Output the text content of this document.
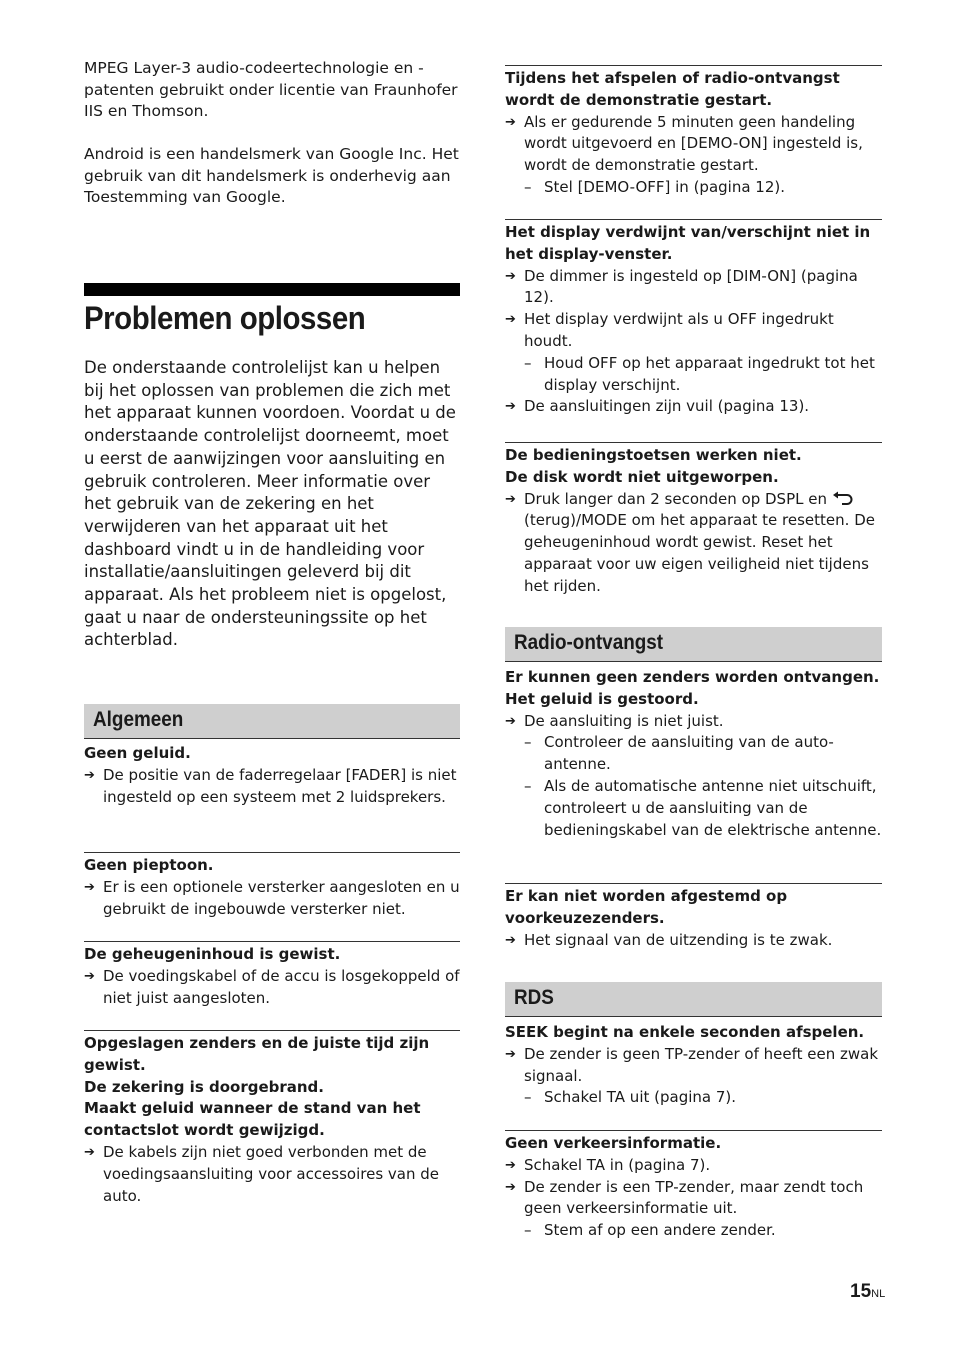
MPEG Layer-3 audio-codeertechnologie en -patenten gebruikt onder licentie van Fraunhofer IIS en Thomson.

Android is een handelsmerk van Google Inc. Het gebruik van dit handelsmerk is onderhevig aan Toestemming van Google.

Problemen oplossen

De onderstaande controlelijst kan u helpen bij het oplossen van problemen die zich met het apparaat kunnen voordoen. Voordat u de onderstaande controlelijst doorneemt, moet u eerst de aanwijzingen voor aansluiting en gebruik controleren. Meer informatie over het gebruik van de zekering en het verwijderen van het apparaat uit het dashboard vindt u in de handleiding voor installatie/aansluitingen geleverd bij dit apparaat. Als het probleem niet is opgelost, gaat u naar de ondersteuningssite op het achterblad.

Algemeen

Geen geluid.

➔ De positie van de faderregelaar [FADER] is niet ingesteld op een systeem met 2 luidsprekers.

Geen pieptoon.

➔ Er is een optionele versterker aangesloten en u gebruikt de ingebouwde versterker niet.

De geheugeninhoud is gewist.

➔ De voedingskabel of de accu is losgekoppeld of niet juist aangesloten.

Opgeslagen zenders en de juiste tijd zijn gewist.

De zekering is doorgebrand.

Maakt geluid wanneer de stand van het contactslot wordt gewijzigd.

➔ De kabels zijn niet goed verbonden met de voedingsaansluiting voor accessoires van de auto.

Tijdens het afspelen of radio-ontvangst wordt de demonstratie gestart.

➔ Als er gedurende 5 minuten geen handeling wordt uitgevoerd en [DEMO-ON] ingesteld is, wordt de demonstratie gestart.

– Stel [DEMO-OFF] in (pagina 12).

Het display verdwijnt van/verschijnt niet in het display-venster.

➔ De dimmer is ingesteld op [DIM-ON] (pagina 12).

➔ Het display verdwijnt als u OFF ingedrukt houdt.

– Houd OFF op het apparaat ingedrukt tot het display verschijnt.

➔ De aansluitingen zijn vuil (pagina 13).

De bedieningstoetsen werken niet.

De disk wordt niet uitgeworpen.

➔ Druk langer dan 2 seconden op DSPL en  (terug)/MODE om het apparaat te resetten. De geheugeninhoud wordt gewist. Reset het apparaat voor uw eigen veiligheid niet tijdens het rijden.

Radio-ontvangst

Er kunnen geen zenders worden ontvangen.

Het geluid is gestoord.

➔ De aansluiting is niet juist.

– Controleer de aansluiting van de auto-antenne.

– Als de automatische antenne niet uitschuift, controleert u de aansluiting van de bedieningskabel van de elektrische antenne.

Er kan niet worden afgestemd op voorkeuzezenders.

➔ Het signaal van de uitzending is te zwak.

RDS

SEEK begint na enkele seconden afspelen.

➔ De zender is geen TP-zender of heeft een zwak signaal.

– Schakel TA uit (pagina 7).

Geen verkeersinformatie.

➔ Schakel TA in (pagina 7).

➔ De zender is een TP-zender, maar zendt toch geen verkeersinformatie uit.

– Stem af op een andere zender.

15NL
